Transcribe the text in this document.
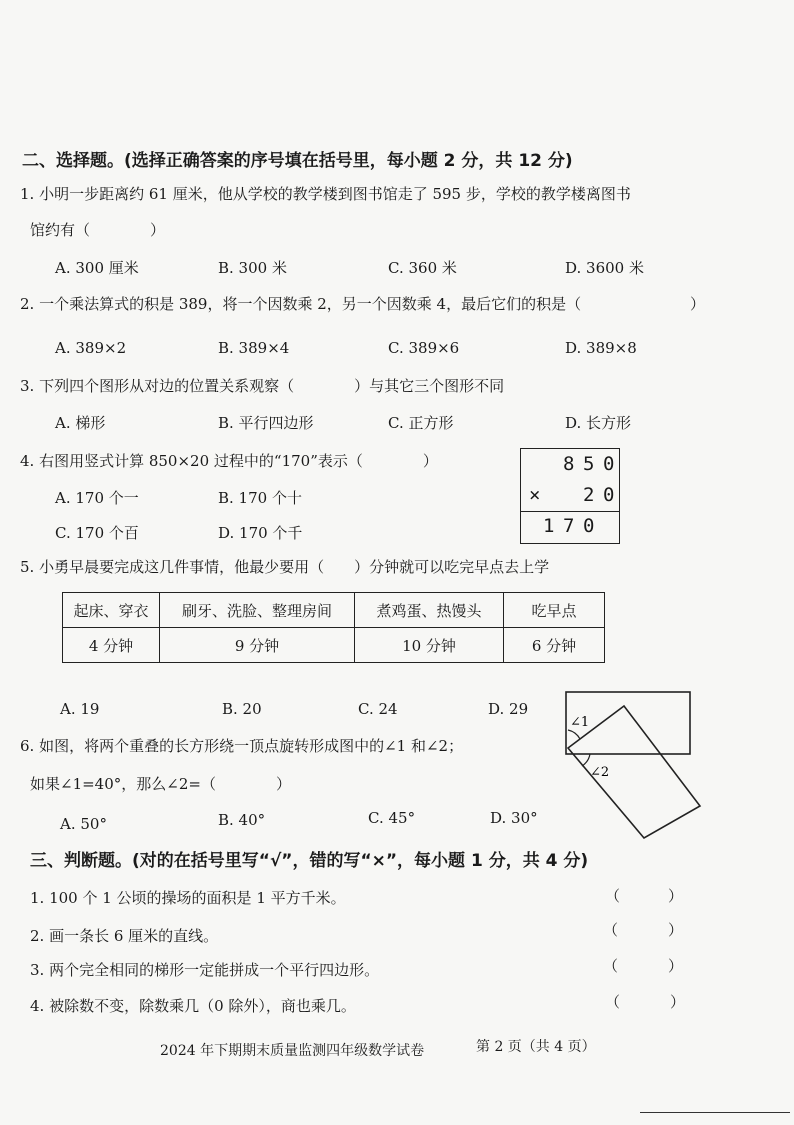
二、选择题。(选择正确答案的序号填在括号里，每小题 2 分，共 12 分)
1. 小明一步距离约 61 厘米，他从学校的教学楼到图书馆走了 595 步，学校的教学楼离图书
馆约有（　　　　）
A. 300 厘米	B. 300 米	C. 360 米	D. 3600 米
2. 一个乘法算式的积是 389，将一个因数乘 2，另一个因数乘 4，最后它们的积是（	）
A. 389×2	B. 389×4	C. 389×6	D. 389×8
3. 下列四个图形从对边的位置关系观察（　　　　）与其它三个图形不同
A. 梯形	B. 平行四边形	C. 正方形	D. 长方形
4. 右图用竖式计算 850×20 过程中的“170”表示（　　　　）
A. 170 个一	B. 170 个十
C. 170 个百	D. 170 个千
8 5 0
× 2 0
1 7 0
5. 小勇早晨要完成这几件事情，他最少要用（　　）分钟就可以吃完早点去上学
起床、穿衣	刷牙、洗脸、整理房间	煮鸡蛋、热馒头	吃早点
4 分钟	9 分钟	10 分钟	6 分钟
A. 19	B. 20	C. 24	D. 29
∠1
∠2
6. 如图，将两个重叠的长方形绕一顶点旋转形成图中的∠1 和∠2；
如果∠1=40°，那么∠2=（　　　　）
A. 50°	B. 40°	C. 45°	D. 30°
三、判断题。(对的在括号里写“√”，错的写“×”，每小题 1 分，共 4 分)
1. 100 个 1 公顷的操场的面积是 1 平方千米。	（	）
2. 画一条长 6 厘米的直线。	（	）
3. 两个完全相同的梯形一定能拼成一个平行四边形。	（	）
4. 被除数不变，除数乘几（0 除外），商也乘几。	（	）
2024 年下期期末质量监测四年级数学试卷	第 2 页（共 4 页）
